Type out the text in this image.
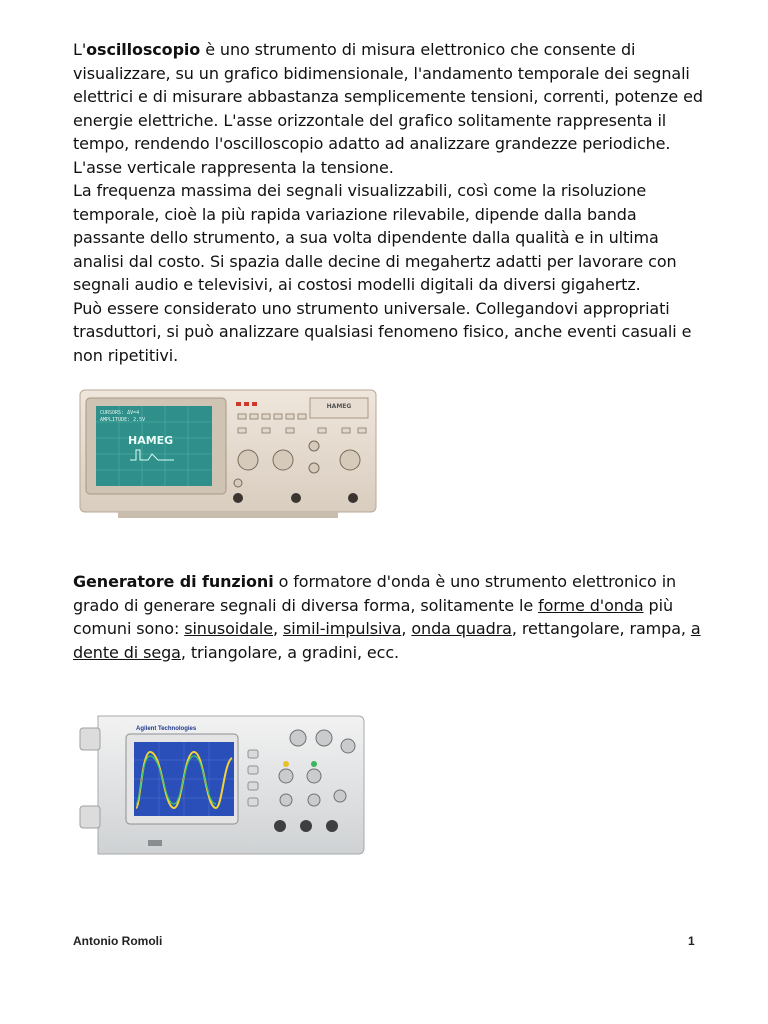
L'oscilloscopio è uno strumento di misura elettronico che consente di visualizzare, su un grafico bidimensionale, l'andamento temporale dei segnali elettrici e di misurare abbastanza semplicemente tensioni, correnti, potenze ed energie elettriche. L'asse orizzontale del grafico solitamente rappresenta il tempo, rendendo l'oscilloscopio adatto ad analizzare grandezze periodiche. L'asse verticale rappresenta la tensione.
La frequenza massima dei segnali visualizzabili, così come la risoluzione temporale, cioè la più rapida variazione rilevabile, dipende dalla banda passante dello strumento, a sua volta dipendente dalla qualità e in ultima analisi dal costo. Si spazia dalle decine di megahertz adatti per lavorare con segnali audio e televisivi, ai costosi modelli digitali da diversi gigahertz.
Può essere considerato uno strumento universale. Collegandovi appropriati trasduttori, si può analizzare qualsiasi fenomeno fisico, anche eventi casuali e non ripetitivi.
CURSORS: ΔV=4
AMPLITUDE: 2.5V
HAMEG
HAMEG
Generatore di funzioni o formatore d'onda è uno strumento elettronico in grado di generare segnali di diversa forma, solitamente le forme d'onda più comuni sono: sinusoidale, simil-impulsiva, onda quadra, rettangolare, rampa, a dente di sega, triangolare, a gradini, ecc.
Agilent Technologies
Antonio Romoli	1
